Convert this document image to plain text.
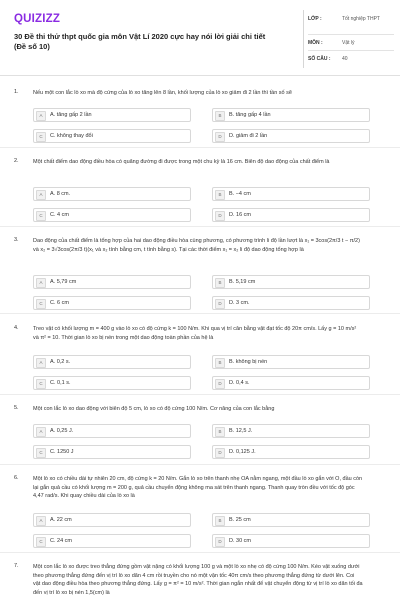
QUIZIZZ
30 Đề thi thử thpt quốc gia môn Vật Lí 2020 cực hay nói lời giải chi tiết (Đề số 10)
LỚP :	Tốt nghiệp THPT
MÔN :	Vật lý
SỐ CÂU : 40
1.	Nếu một con lắc lò xo mà độ cứng của lò xo tăng lên 8 lần, khối lượng của lò xo giảm đi 2 lần thì tần số sẽ
A	A. tăng gấp 2 lần	B	B. tăng gấp 4 lần
C	C. không thay đổi	D	D. giảm đi 2 lần
2.	Một chất điểm dao động điều hòa có quãng đường đi được trong một chu kỳ là 16 cm. Biên độ dao động của chất điểm là
A	A. 8 cm.	B	B. −4 cm
C	C. 4 cm	D	D. 16 cm
3.	Dao động của chất điểm là tổng hợp của hai dao động điều hòa cùng phương, có phương trình li độ lần lượt là x₁ = 3cos(2π/3 t − π/2) và x₂ = 3√3cos(2π/3 t)(x₁ và x₂ tính bằng cm, t tính bằng s). Tại các thời điểm x₁ = x₂ li độ dao động tổng hợp là
A	A. 5,79 cm	B	B. 5,19 cm
C	C. 6 cm	D	D. 3 cm.
4.	Treo vật có khối lượng m = 400 g vào lò xo có độ cứng k = 100 N/m. Khi qua vị trí cân bằng vật đạt tốc độ 20π cm/s. Lấy g = 10 m/s² và π² = 10. Thời gian lò xo bị nén trong một dao động toàn phần của hệ là
A	A. 0,2 s.	B	B. không bị nén
C	C. 0,1 s.	D	D. 0,4 s.
5.	Một con lắc lò xo dao động với biên độ 5 cm, lò xo có độ cứng 100 N/m. Cơ năng của con lắc bằng
A	A. 0,25 J.	B	B. 12,5 J.
C	C. 1250 J	D	D. 0,125 J.
6.	Một lò xo có chiều dài tự nhiên 20 cm, độ cứng k = 20 N/m. Gắn lò xo trên thanh nhẹ OA nằm ngang, một đầu lò xo gắn với O, đầu còn lại gắn quả cầu có khối lượng m = 200 g, quả cầu chuyển động không ma sát trên thanh ngang. Thanh quay tròn đều với tốc độ góc 4,47 rad/s. Khi quay chiều dài của lò xo là
A	A. 22 cm	B	B. 25 cm
C	C. 24 cm	D	D. 30 cm
7.	Một con lắc lò xo được treo thẳng đứng gồm vật nặng có khối lượng 100 g và một lò xo nhẹ có độ cứng 100 N/m. Kéo vật xuống dưới theo phương thẳng đứng đến vị trí lò xo dãn 4 cm rồi truyền cho nó một vận tốc 40π cm/s theo phương thẳng đứng từ dưới lên. Coi vật dao động điều hòa theo phương thẳng đứng. Lấy g = π² = 10 m/s². Thời gian ngắn nhất để vật chuyển động từ vị trí lò xo dãn tối đa đến vị trí lò xo bị nén 1,5(cm) là
